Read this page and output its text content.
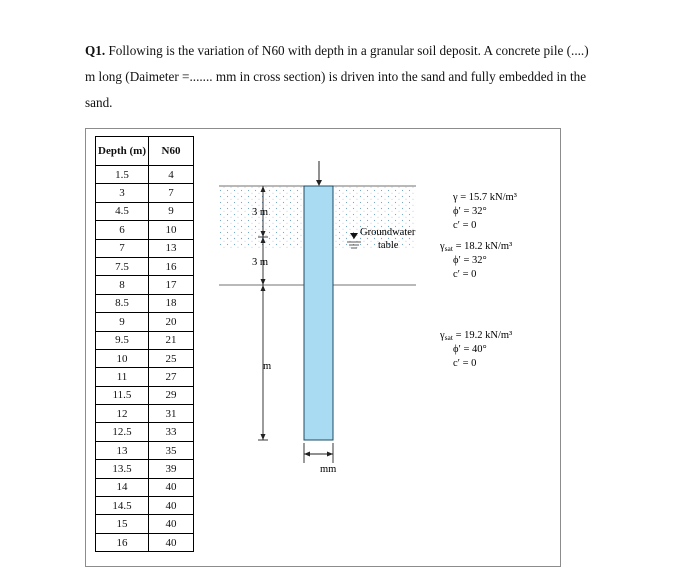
Q1. Following is the variation of N60 with depth in a granular soil deposit. A concrete pile (....)
m long (Daimeter =....... mm in cross section) is driven into the sand and fully embedded in the
sand.

Depth (m)	N60
1.5	4
3	7
4.5	9
6	10
7	13
7.5	16
8	17
8.5	18
9	20
9.5	21
10	25
11	27
11.5	29
12	31
12.5	33
13	35
13.5	39
14	40
14.5	40
15	40
16	40
3 m
3 m
m
mm
Groundwater
table
γ = 15.7 kN/m³
ϕ′ = 32°
c′ = 0
γsat = 18.2 kN/m³
ϕ′ = 32°
c′ = 0
γsat = 19.2 kN/m³
ϕ′ = 40°
c′ = 0
